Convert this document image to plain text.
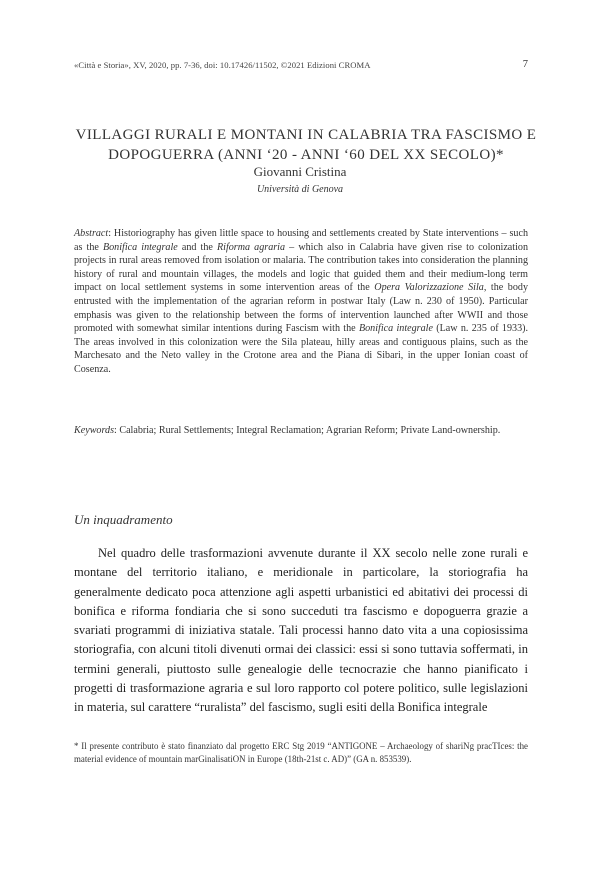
«Città e Storia», XV, 2020, pp. 7-36, doi: 10.17426/11502, ©2021 Edizioni CROMA	7
VILLAGGI RURALI E MONTANI IN CALABRIA TRA FASCISMO E DOPOGUERRA (ANNI ‘20 - ANNI ‘60 DEL XX SECOLO)*
Giovanni Cristina
Università di Genova
Abstract: Historiography has given little space to housing and settlements created by State interventions – such as the Bonifica integrale and the Riforma agraria – which also in Calabria have given rise to colonization projects in rural areas removed from isolation or malaria. The contribution takes into consideration the planning history of rural and mountain villages, the models and logic that guided them and their medium-long term impact on local settlement systems in some intervention areas of the Opera Valorizzazione Sila, the body entrusted with the implementation of the agrarian reform in postwar Italy (Law n. 230 of 1950). Particular emphasis was given to the relationship between the forms of intervention launched after WWII and those promoted with somewhat similar intentions during Fascism with the Bonifica integrale (Law n. 235 of 1933). The areas involved in this colonization were the Sila plateau, hilly areas and contiguous plains, such as the Marchesato and the Neto valley in the Crotone area and the Piana di Sibari, in the upper Ionian coast of Cosenza.
Keywords: Calabria; Rural Settlements; Integral Reclamation; Agrarian Reform; Private Land-ownership.
Un inquadramento
Nel quadro delle trasformazioni avvenute durante il XX secolo nelle zone rurali e montane del territorio italiano, e meridionale in particolare, la storiografia ha generalmente dedicato poca attenzione agli aspetti urbanistici ed abitativi dei processi di bonifica e riforma fondiaria che si sono succeduti tra fascismo e dopoguerra grazie a svariati programmi di iniziativa statale. Tali processi hanno dato vita a una copiosissima storiografia, con alcuni titoli divenuti ormai dei classici: essi si sono tuttavia soffermati, in termini generali, piuttosto sulle genealogie delle tecnocrazie che hanno pianificato i progetti di trasformazione agraria e sul loro rapporto col potere politico, sulle legislazioni in materia, sul carattere “ruralista” del fascismo, sugli esiti della Bonifica integrale
* Il presente contributo è stato finanziato dal progetto ERC Stg 2019 “ANTIGONE – Archaeology of shariNg pracTIces: the material evidence of mountain marGinalisatiON in Europe (18th-21st c. AD)” (GA n. 853539).
